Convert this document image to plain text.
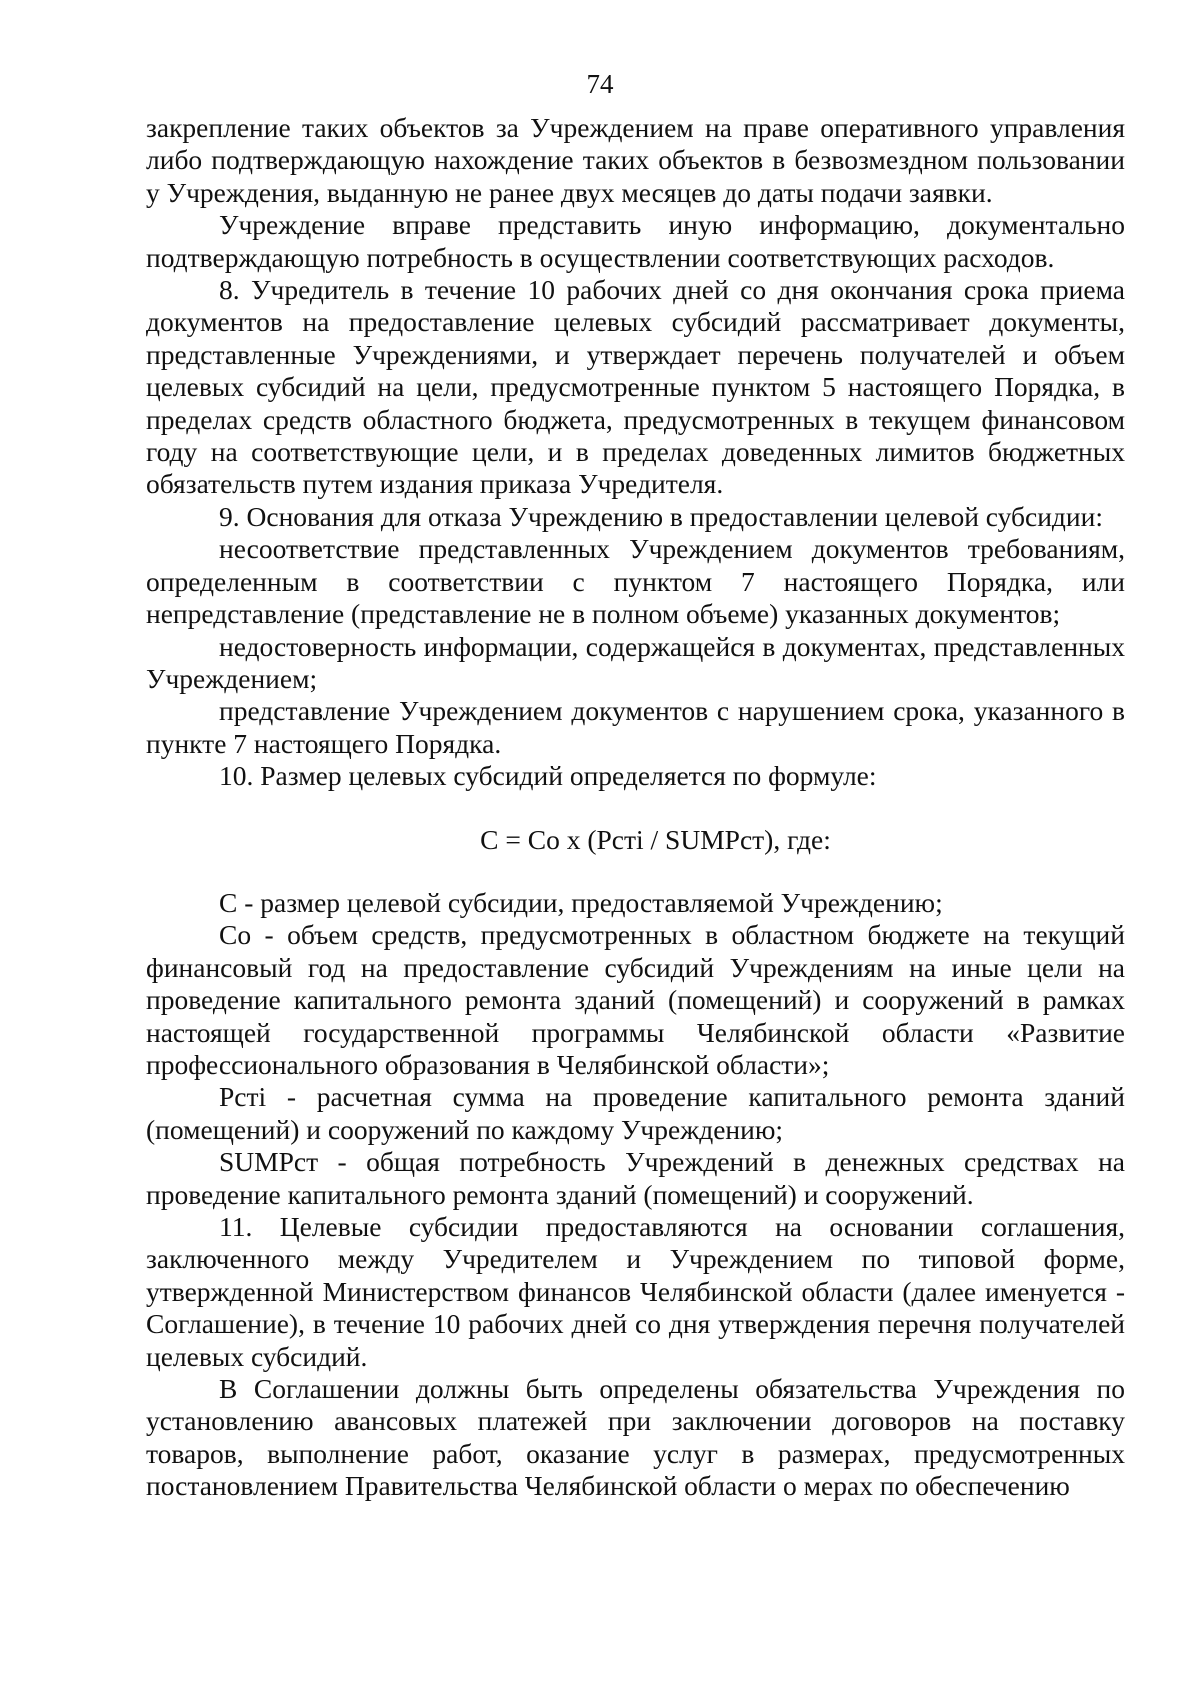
74

закрепление таких объектов за Учреждением на праве оперативного управления либо подтверждающую нахождение таких объектов в безвозмездном пользовании у Учреждения, выданную не ранее двух месяцев до даты подачи заявки.

Учреждение вправе представить иную информацию, документально подтверждающую потребность в осуществлении соответствующих расходов.

8. Учредитель в течение 10 рабочих дней со дня окончания срока приема документов на предоставление целевых субсидий рассматривает документы, представленные Учреждениями, и утверждает перечень получателей и объем целевых субсидий на цели, предусмотренные пунктом 5 настоящего Порядка, в пределах средств областного бюджета, предусмотренных в текущем финансовом году на соответствующие цели, и в пределах доведенных лимитов бюджетных обязательств путем издания приказа Учредителя.

9. Основания для отказа Учреждению в предоставлении целевой субсидии:

несоответствие представленных Учреждением документов требованиям, определенным в соответствии с пунктом 7 настоящего Порядка, или непредставление (представление не в полном объеме) указанных документов;

недостоверность информации, содержащейся в документах, представленных Учреждением;

представление Учреждением документов с нарушением срока, указанного в пункте 7 настоящего Порядка.

10. Размер целевых субсидий определяется по формуле:

С = Со х (Рcтi / SUMРст), где:

С - размер целевой субсидии, предоставляемой Учреждению;

Со - объем средств, предусмотренных в областном бюджете на текущий финансовый год на предоставление субсидий Учреждениям на иные цели на проведение капитального ремонта зданий (помещений) и сооружений в рамках настоящей государственной программы Челябинской области «Развитие профессионального образования в Челябинской области»;

Рcтi - расчетная сумма на проведение капитального ремонта зданий (помещений) и сооружений по каждому Учреждению;

SUMРст - общая потребность Учреждений в денежных средствах на проведение капитального ремонта зданий (помещений) и сооружений.

11. Целевые субсидии предоставляются на основании соглашения, заключенного между Учредителем и Учреждением по типовой форме, утвержденной Министерством финансов Челябинской области (далее именуется - Соглашение), в течение 10 рабочих дней со дня утверждения перечня получателей целевых субсидий.

В Соглашении должны быть определены обязательства Учреждения по установлению авансовых платежей при заключении договоров на поставку товаров, выполнение работ, оказание услуг в размерах, предусмотренных постановлением Правительства Челябинской области о мерах по обеспечению
